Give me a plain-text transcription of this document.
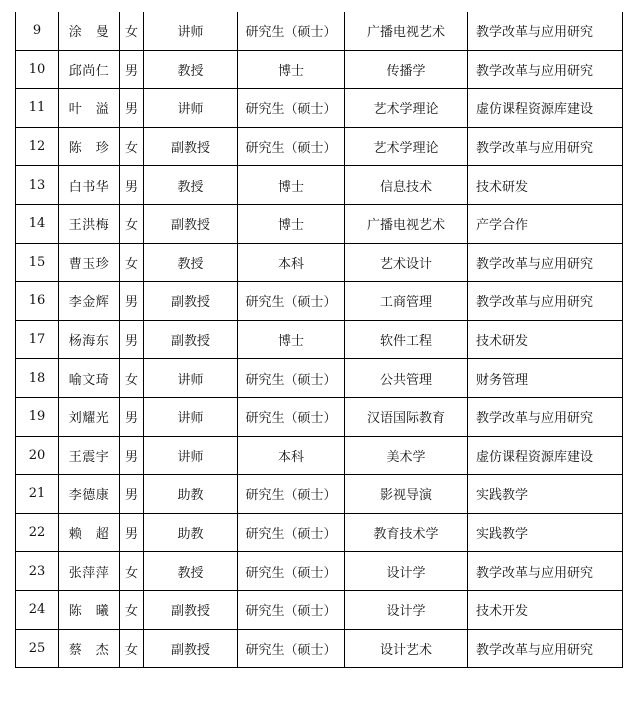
9	涂　曼	女	讲师	研究生（硕士）	广播电视艺术	教学改革与应用研究
10	邱尚仁	男	教授	博士	传播学	教学改革与应用研究
11	叶　溢	男	讲师	研究生（硕士）	艺术学理论	虚仿课程资源库建设
12	陈　珍	女	副教授	研究生（硕士）	艺术学理论	教学改革与应用研究
13	白书华	男	教授	博士	信息技术	技术研发
14	王洪梅	女	副教授	博士	广播电视艺术	产学合作
15	曹玉珍	女	教授	本科	艺术设计	教学改革与应用研究
16	李金辉	男	副教授	研究生（硕士）	工商管理	教学改革与应用研究
17	杨海东	男	副教授	博士	软件工程	技术研发
18	喻文琦	女	讲师	研究生（硕士）	公共管理	财务管理
19	刘耀光	男	讲师	研究生（硕士）	汉语国际教育	教学改革与应用研究
20	王震宇	男	讲师	本科	美术学	虚仿课程资源库建设
21	李德康	男	助教	研究生（硕士）	影视导演	实践教学
22	赖　超	男	助教	研究生（硕士）	教育技术学	实践教学
23	张萍萍	女	教授	研究生（硕士）	设计学	教学改革与应用研究
24	陈　曦	女	副教授	研究生（硕士）	设计学	技术开发
25	蔡　杰	女	副教授	研究生（硕士）	设计艺术	教学改革与应用研究
